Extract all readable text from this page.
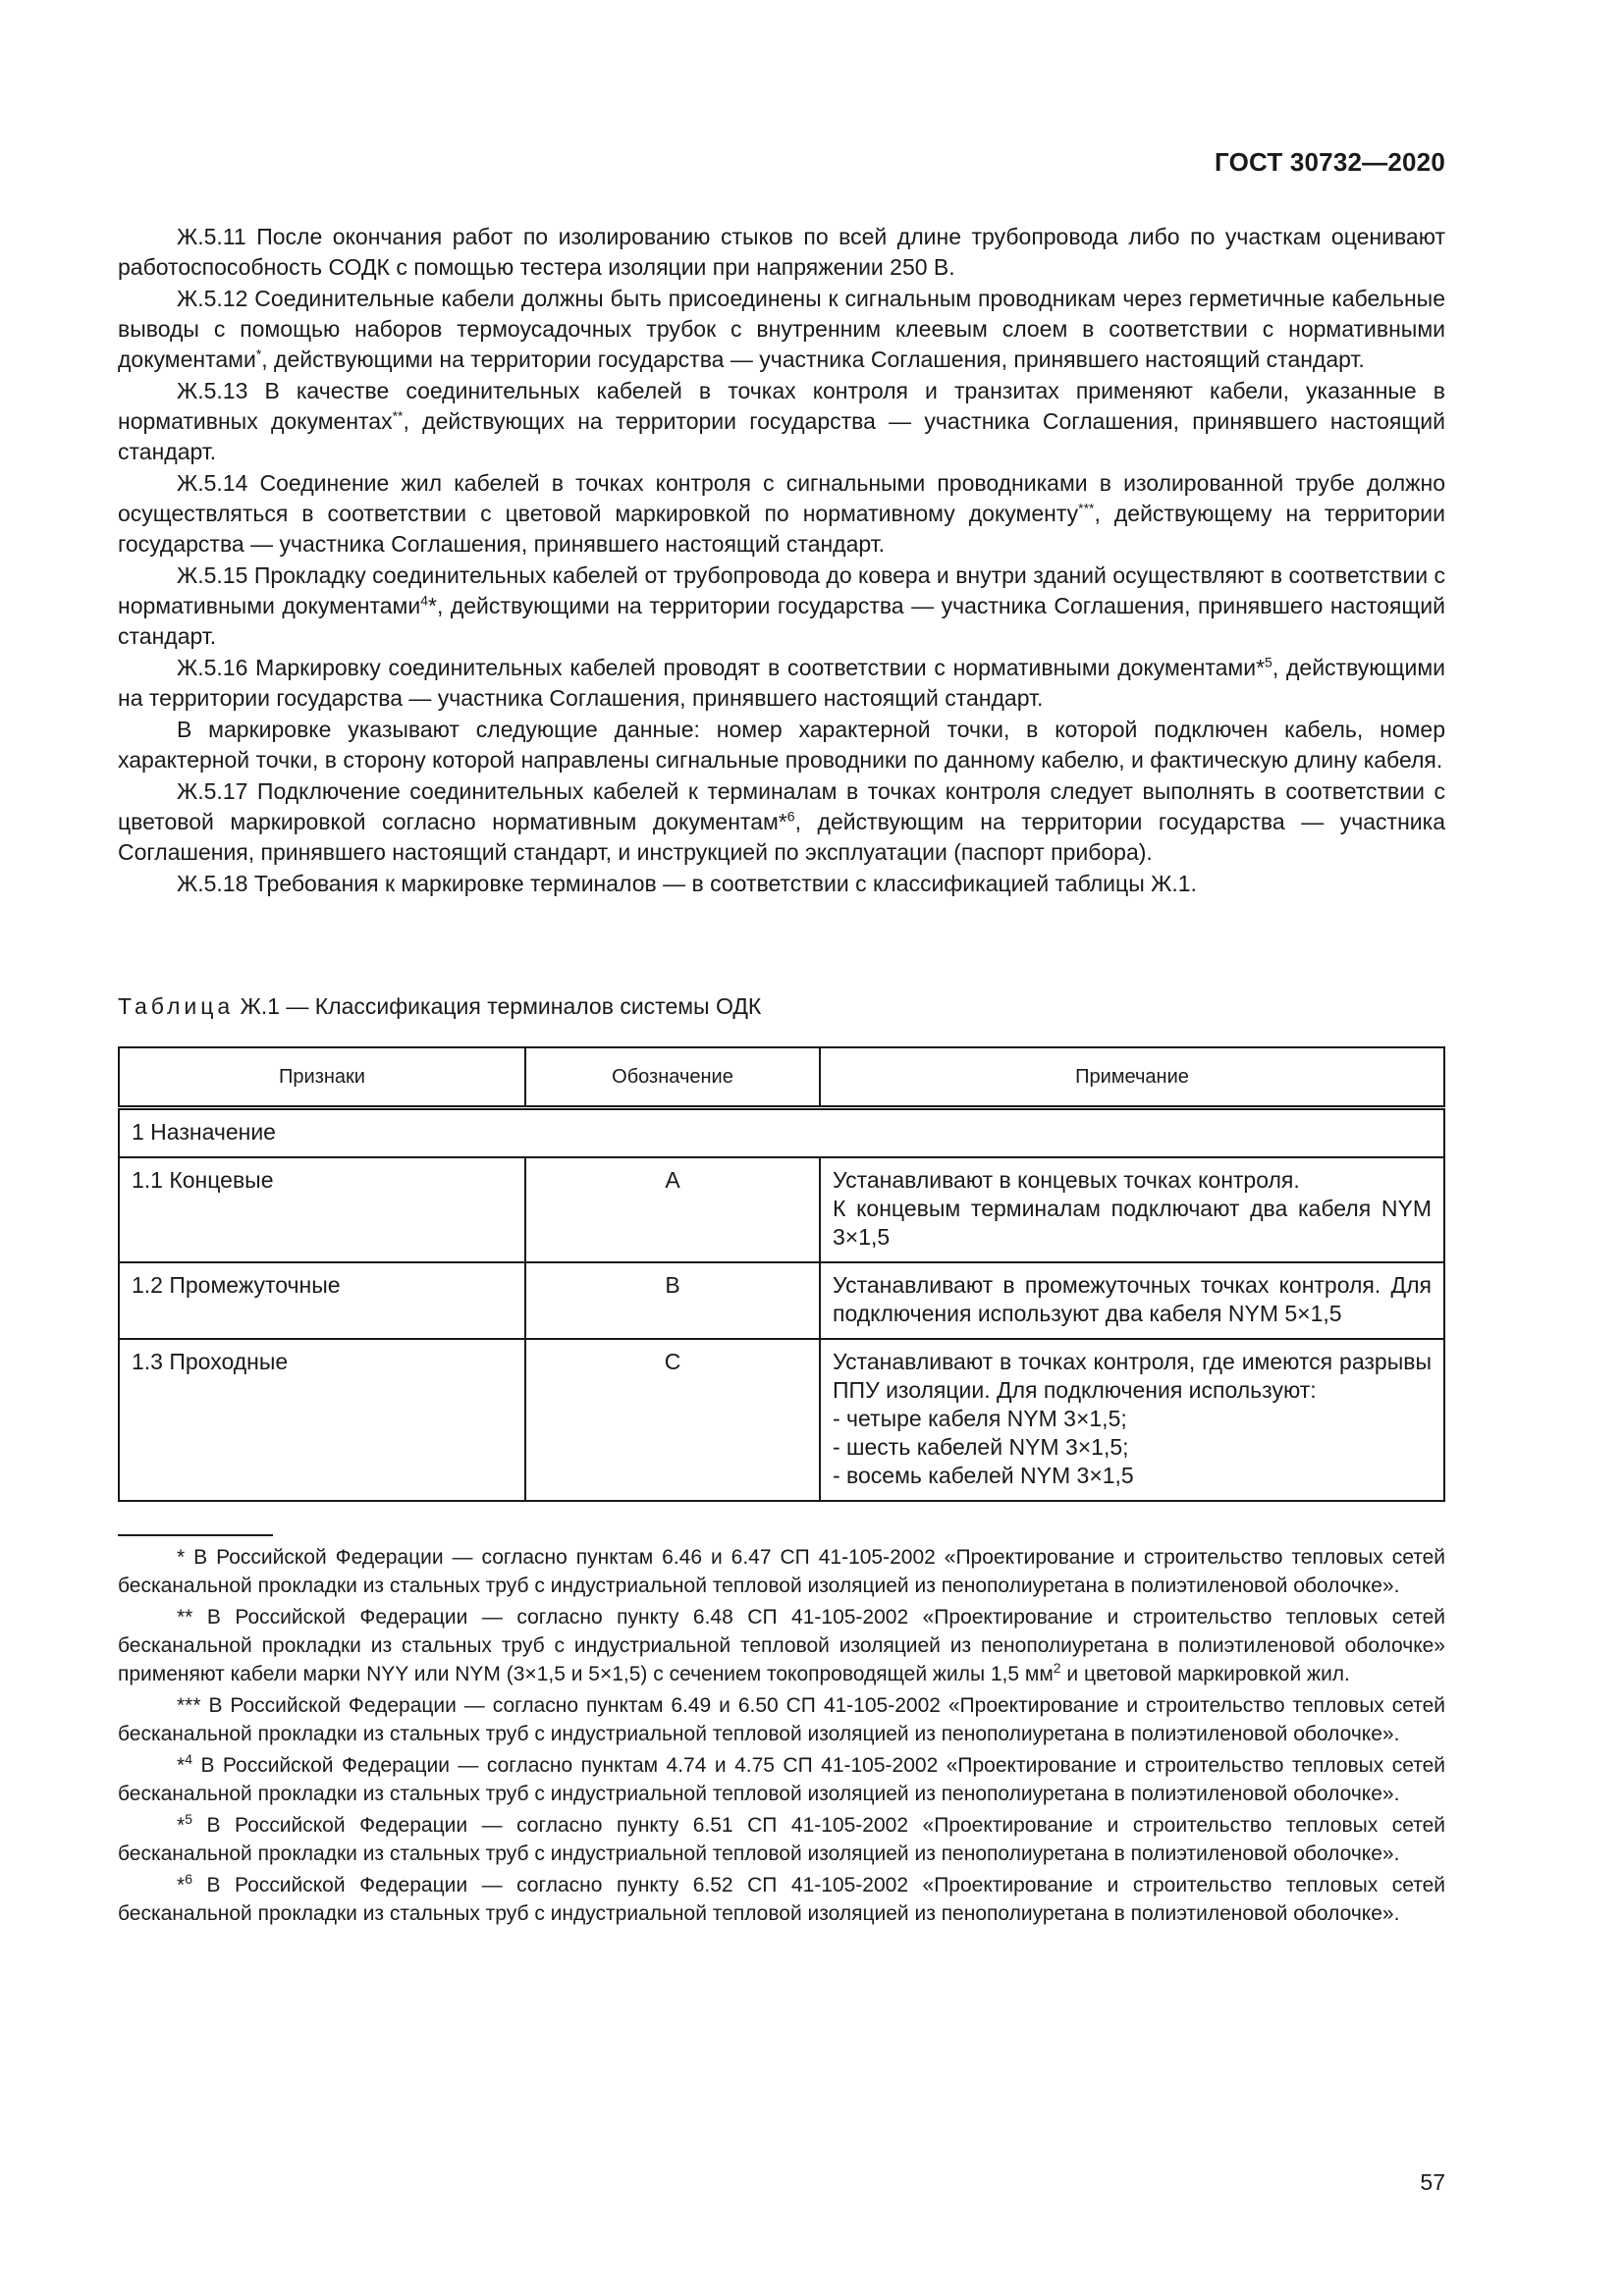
ГОСТ 30732—2020

Ж.5.11 После окончания работ по изолированию стыков по всей длине трубопровода либо по участкам оценивают работоспособность СОДК с помощью тестера изоляции при напряжении 250 В.

Ж.5.12 Соединительные кабели должны быть присоединены к сигнальным проводникам через герметичные кабельные выводы с помощью наборов термоусадочных трубок с внутренним клеевым слоем в соответствии с нормативными документами*, действующими на территории государства — участника Соглашения, принявшего настоящий стандарт.

Ж.5.13 В качестве соединительных кабелей в точках контроля и транзитах применяют кабели, указанные в нормативных документах**, действующих на территории государства — участника Соглашения, принявшего настоящий стандарт.

Ж.5.14 Соединение жил кабелей в точках контроля с сигнальными проводниками в изолированной трубе должно осуществляться в соответствии с цветовой маркировкой по нормативному документу***, действующему на территории государства — участника Соглашения, принявшего настоящий стандарт.

Ж.5.15 Прокладку соединительных кабелей от трубопровода до ковера и внутри зданий осуществляют в соответствии с нормативными документами$^4$*, действующими на территории государства — участника Соглашения, принявшего настоящий стандарт.

Ж.5.16 Маркировку соединительных кабелей проводят в соответствии с нормативными документами*$^5$, действующими на территории государства — участника Соглашения, принявшего настоящий стандарт.

В маркировке указывают следующие данные: номер характерной точки, в которой подключен кабель, номер характерной точки, в сторону которой направлены сигнальные проводники по данному кабелю, и фактическую длину кабеля.

Ж.5.17 Подключение соединительных кабелей к терминалам в точках контроля следует выполнять в соответствии с цветовой маркировкой согласно нормативным документам*$^6$, действующим на территории государства — участника Соглашения, принявшего настоящий стандарт, и инструкцией по эксплуатации (паспорт прибора).

Ж.5.18 Требования к маркировке терминалов — в соответствии с классификацией таблицы Ж.1.

Таблица Ж.1 — Классификация терминалов системы ОДК
Признаки	Обозначение	Примечание
1 Назначение		
1.1 Концевые	А	Устанавливают в концевых точках контроля.
К концевым терминалам подключают два кабеля NYM 3×1,5

1.2 Промежуточные	В	Устанавливают в промежуточных точках контроля. Для подключения используют два кабеля NYM 5×1,5

1.3 Проходные	С	Устанавливают в точках контроля, где имеются разрывы ППУ изоляции. Для подключения используют:
- четыре кабеля NYM 3×1,5;
- шесть кабелей NYM 3×1,5;
- восемь кабелей NYM 3×1,5

* В Российской Федерации — согласно пунктам 6.46 и 6.47 СП 41-105-2002 «Проектирование и строительство тепловых сетей бесканальной прокладки из стальных труб с индустриальной тепловой изоляцией из пенополиуретана в полиэтиленовой оболочке».

** В Российской Федерации — согласно пункту 6.48 СП 41-105-2002 «Проектирование и строительство тепловых сетей бесканальной прокладки из стальных труб с индустриальной тепловой изоляцией из пенополиуретана в полиэтиленовой оболочке» применяют кабели марки NYY или NYM (3×1,5 и 5×1,5) с сечением токопроводящей жилы 1,5 $мм^2$ и цветовой маркировкой жил.

*** В Российской Федерации — согласно пунктам 6.49 и 6.50 СП 41-105-2002 «Проектирование и строительство тепловых сетей бесканальной прокладки из стальных труб с индустриальной тепловой изоляцией из пенополиуретана в полиэтиленовой оболочке».

*$^4$ В Российской Федерации — согласно пунктам 4.74 и 4.75 СП 41-105-2002 «Проектирование и строительство тепловых сетей бесканальной прокладки из стальных труб с индустриальной тепловой изоляцией из пенополиуретана в полиэтиленовой оболочке».

*$^5$ В Российской Федерации — согласно пункту 6.51 СП 41-105-2002 «Проектирование и строительство тепловых сетей бесканальной прокладки из стальных труб с индустриальной тепловой изоляцией из пенополиуретана в полиэтиленовой оболочке».

*$^6$ В Российской Федерации — согласно пункту 6.52 СП 41-105-2002 «Проектирование и строительство тепловых сетей бесканальной прокладки из стальных труб с индустриальной тепловой изоляцией из пенополиуретана в полиэтиленовой оболочке».

57
